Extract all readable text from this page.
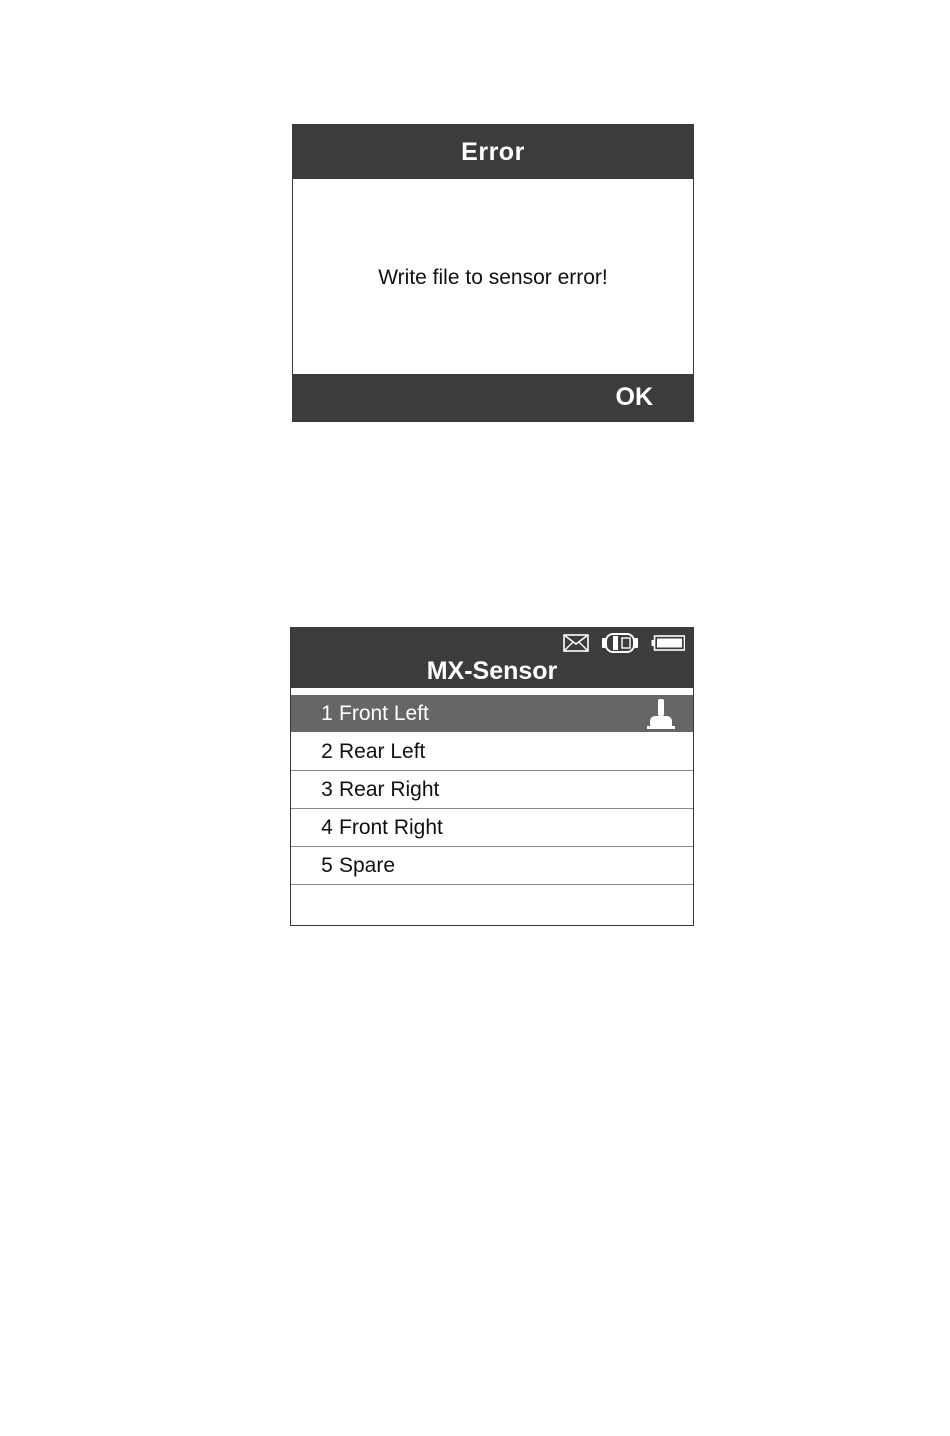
Error
Write file to sensor error!
OK
MX-Sensor
1 Front Left
2 Rear Left
3 Rear Right
4 Front Right
5 Spare
